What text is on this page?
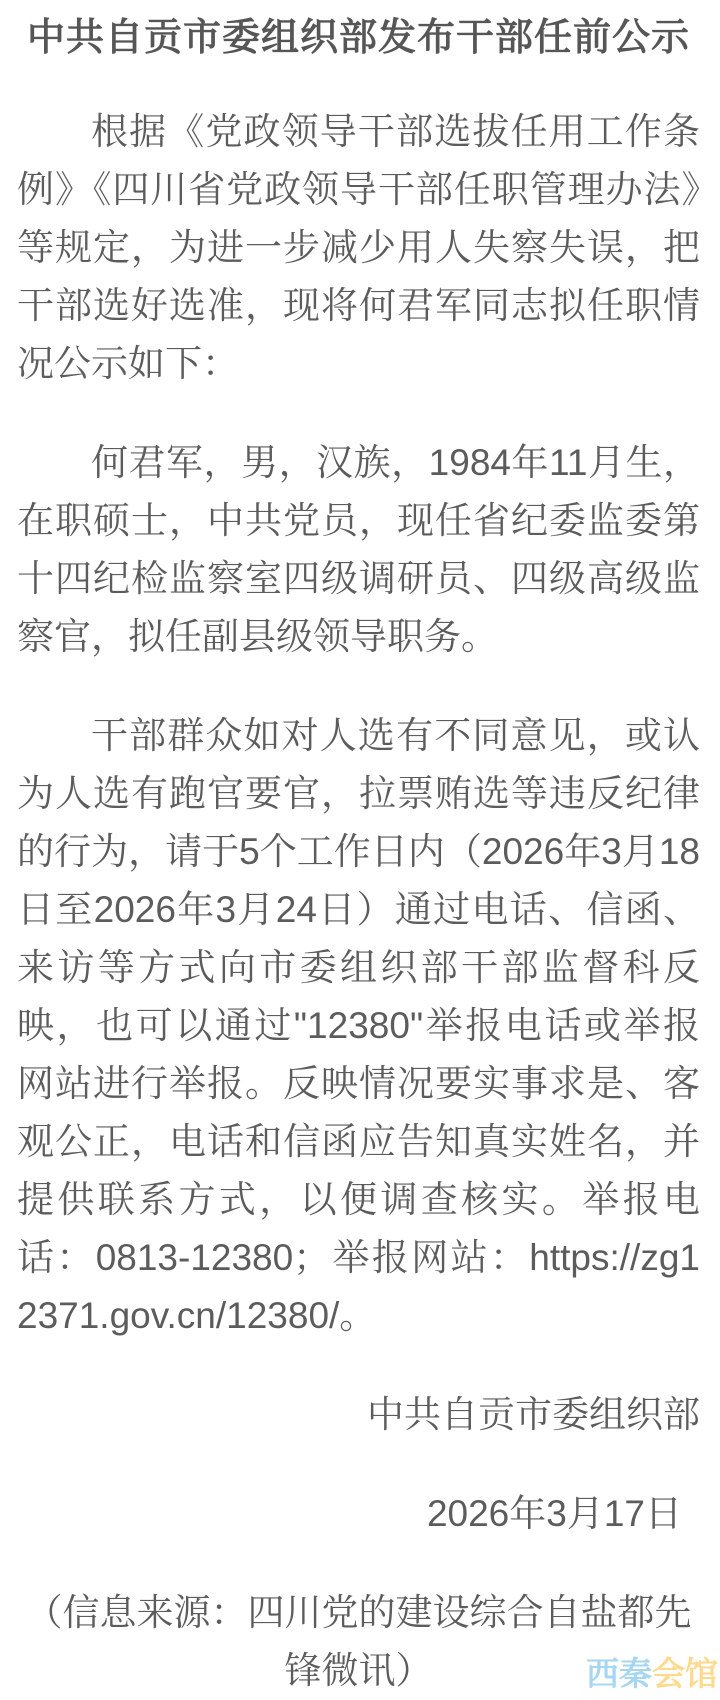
中共自贡市委组织部发布干部任前公示

根据《党政领导干部选拔任用工作条例》《四川省党政领导干部任职管理办法》等规定，为进一步减少用人失察失误，把干部选好选准，现将何君军同志拟任职情况公示如下：

何君军，男，汉族，1984年11月生，在职硕士，中共党员，现任省纪委监委第十四纪检监察室四级调研员、四级高级监察官，拟任副县级领导职务。

干部群众如对人选有不同意见，或认为人选有跑官要官，拉票贿选等违反纪律的行为，请于5个工作日内（2026年3月18日至2026年3月24日）通过电话、信函、来访等方式向市委组织部干部监督科反映，也可以通过"12380"举报电话或举报网站进行举报。反映情况要实事求是、客观公正，电话和信函应告知真实姓名，并提供联系方式，以便调查核实。举报电话：0813-12380；举报网站：https://zg12371.gov.cn/12380/。

中共自贡市委组织部

2026年3月17日

（信息来源：四川党的建设综合自盐都先锋微讯）	西秦会馆
